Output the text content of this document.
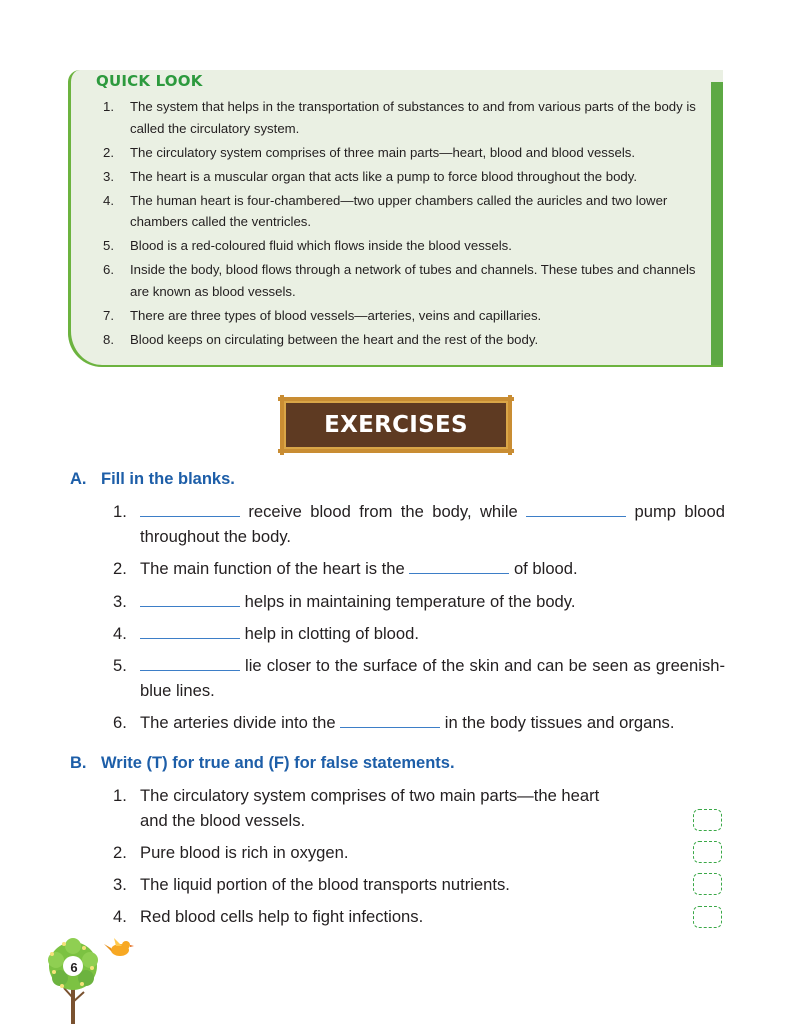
QUICK LOOK
1. The system that helps in the transportation of substances to and from various parts of the body is called the circulatory system.
2. The circulatory system comprises of three main parts—heart, blood and blood vessels.
3. The heart is a muscular organ that acts like a pump to force blood throughout the body.
4. The human heart is four-chambered—two upper chambers called the auricles and two lower chambers called the ventricles.
5. Blood is a red-coloured fluid which flows inside the blood vessels.
6. Inside the body, blood flows through a network of tubes and channels. These tubes and channels are known as blood vessels.
7. There are three types of blood vessels—arteries, veins and capillaries.
8. Blood keeps on circulating between the heart and the rest of the body.
EXERCISES
A. Fill in the blanks.
1.	receive blood from the body, while	pump blood throughout the body.
2. The main function of the heart is the	of blood.
3.	helps in maintaining temperature of the body.
4.	help in clotting of blood.
5.	lie closer to the surface of the skin and can be seen as greenish-blue lines.
6. The arteries divide into the	in the body tissues and organs.
B. Write (T) for true and (F) for false statements.
1. The circulatory system comprises of two main parts—the heart
and the blood vessels.
2. Pure blood is rich in oxygen.
3. The liquid portion of the blood transports nutrients.
4. Red blood cells help to fight infections.
6
